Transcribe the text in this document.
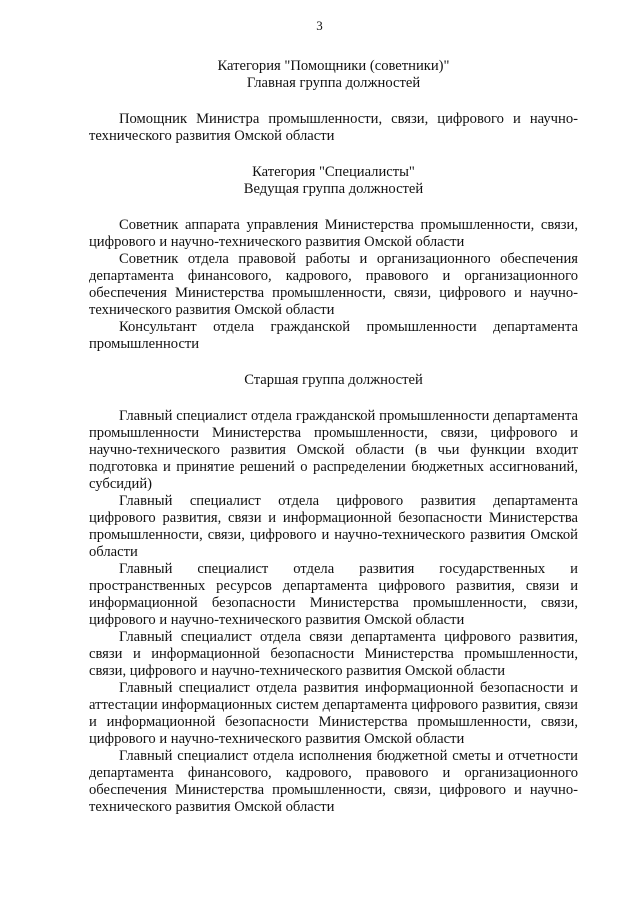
3

Категория "Помощники (советники)"

Главная группа должностей

Помощник Министра промышленности, связи, цифрового и научно-технического развития Омской области

Категория "Специалисты"

Ведущая группа должностей

Советник аппарата управления Министерства промышленности, связи, цифрового и научно-технического развития Омской области

Советник отдела правовой работы и организационного обеспечения департамента финансового, кадрового, правового и организационного обеспечения Министерства промышленности, связи, цифрового и научно-технического развития Омской области

Консультант отдела гражданской промышленности департамента промышленности

Старшая группа должностей

Главный специалист отдела гражданской промышленности департамента промышленности Министерства промышленности, связи, цифрового и научно-технического развития Омской области (в чьи функции входит подготовка и принятие решений о распределении бюджетных ассигнований, субсидий)

Главный специалист отдела цифрового развития департамента цифрового развития, связи и информационной безопасности Министерства промышленности, связи, цифрового и научно-технического развития Омской области

Главный специалист отдела развития государственных и пространственных ресурсов департамента цифрового развития, связи и информационной безопасности Министерства промышленности, связи, цифрового и научно-технического развития Омской области

Главный специалист отдела связи департамента цифрового развития, связи и информационной безопасности Министерства промышленности, связи, цифрового и научно-технического развития Омской области

Главный специалист отдела развития информационной безопасности и аттестации информационных систем департамента цифрового развития, связи и информационной безопасности Министерства промышленности, связи, цифрового и научно-технического развития Омской области

Главный специалист отдела исполнения бюджетной сметы и отчетности департамента финансового, кадрового, правового и организационного обеспечения Министерства промышленности, связи, цифрового и научно-технического развития Омской области
